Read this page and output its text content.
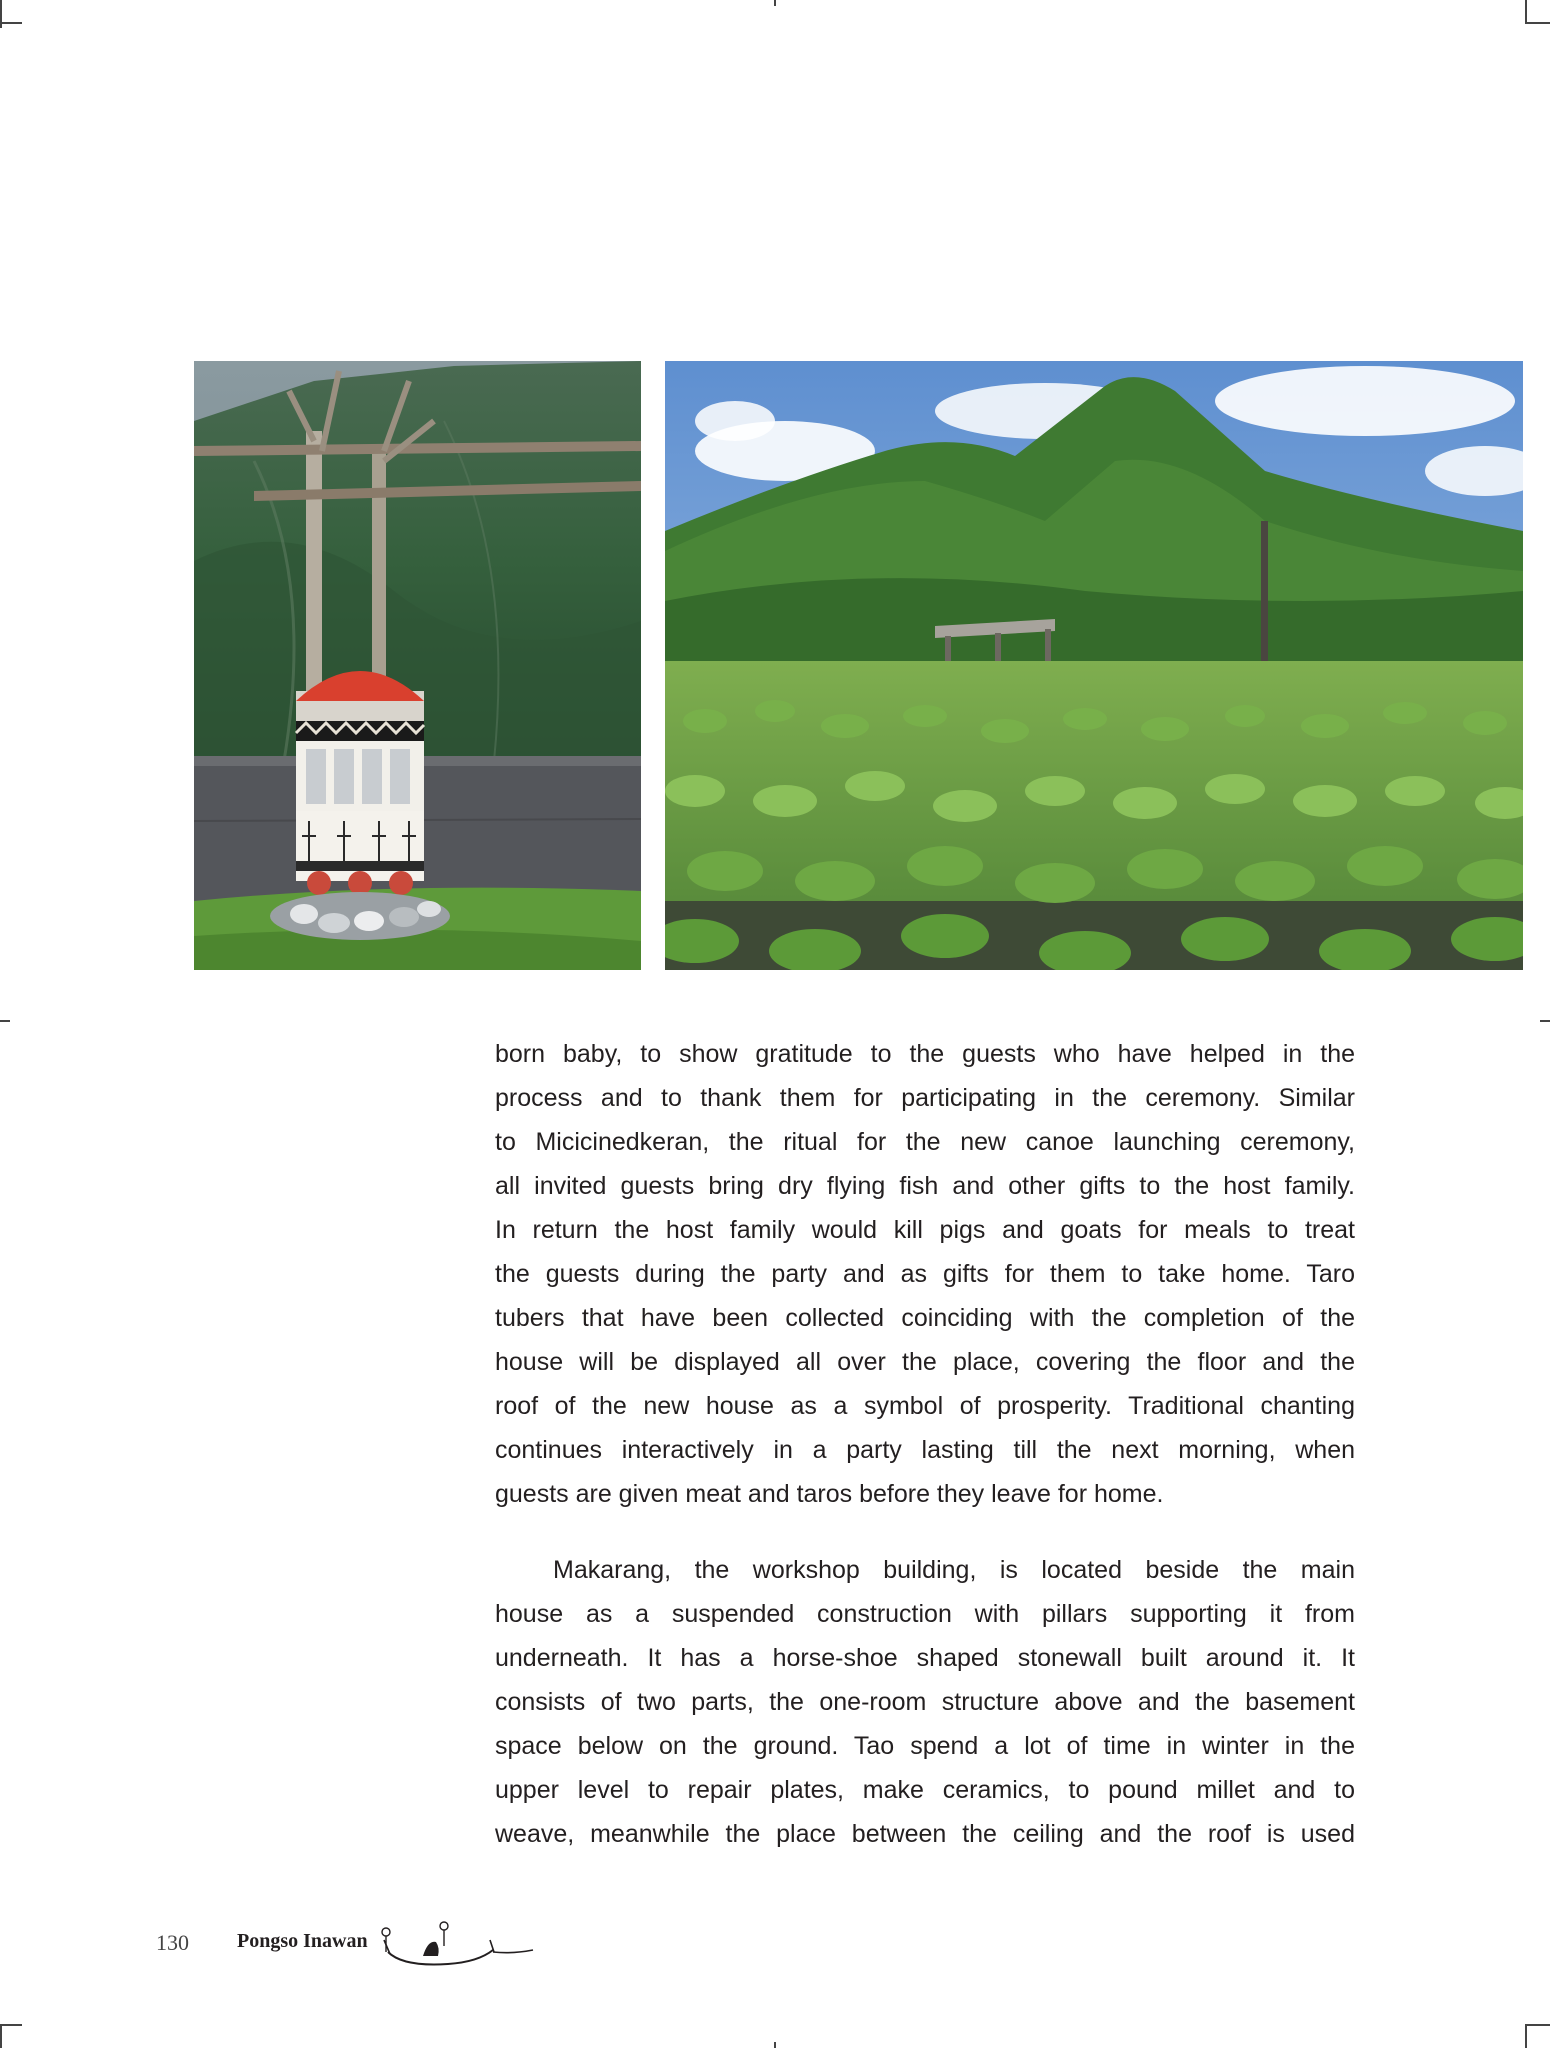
born baby, to show gratitude to the guests who have helped in the
process and to thank them for participating in the ceremony. Similar
to Micicinedkeran, the ritual for the new canoe launching ceremony,
all invited guests bring dry flying fish and other gifts to the host family.
In return the host family would kill pigs and goats for meals to treat
the guests during the party and as gifts for them to take home. Taro
tubers that have been collected coinciding with the completion of the
house will be displayed all over the place, covering the floor and the
roof of the new house as a symbol of prosperity. Traditional chanting
continues interactively in a party lasting till the next morning, when
guests are given meat and taros before they leave for home.

Makarang, the workshop building, is located beside the main
house as a suspended construction with pillars supporting it from
underneath. It has a horse-shoe shaped stonewall built around it. It
consists of two parts, the one-room structure above and the basement
space below on the ground. Tao spend a lot of time in winter in the
upper level to repair plates, make ceramics, to pound millet and to
weave, meanwhile the place between the ceiling and the roof is used

130 Pongso Inawan
